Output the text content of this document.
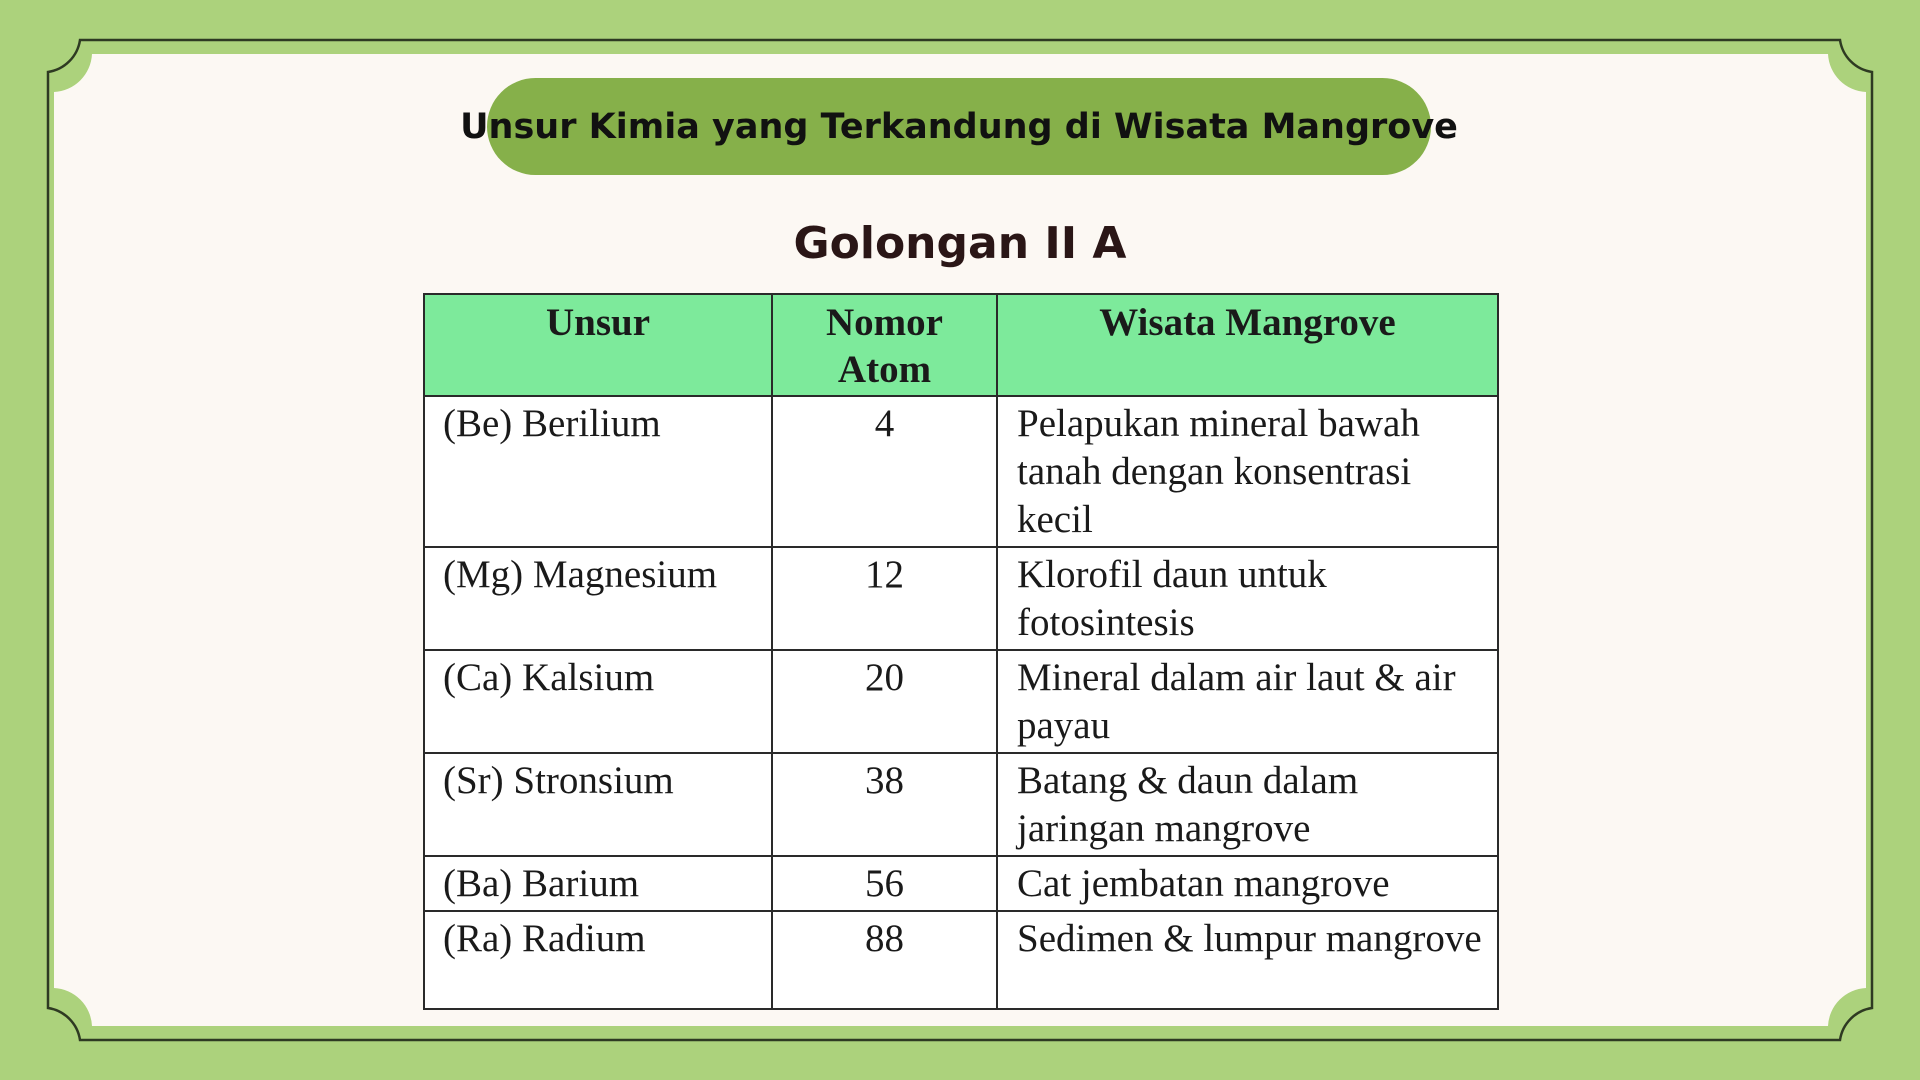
Unsur Kimia yang Terkandung di Wisata Mangrove
Golongan II A
Unsur	Nomor Atom	Wisata Mangrove
(Be) Berilium	4	Pelapukan mineral bawah tanah dengan konsentrasi kecil
(Mg) Magnesium	12	Klorofil daun untuk fotosintesis
(Ca) Kalsium	20	Mineral dalam air laut & air payau
(Sr) Stronsium	38	Batang & daun dalam jaringan mangrove
(Ba) Barium	56	Cat jembatan mangrove
(Ra) Radium	88	Sedimen & lumpur mangrove
